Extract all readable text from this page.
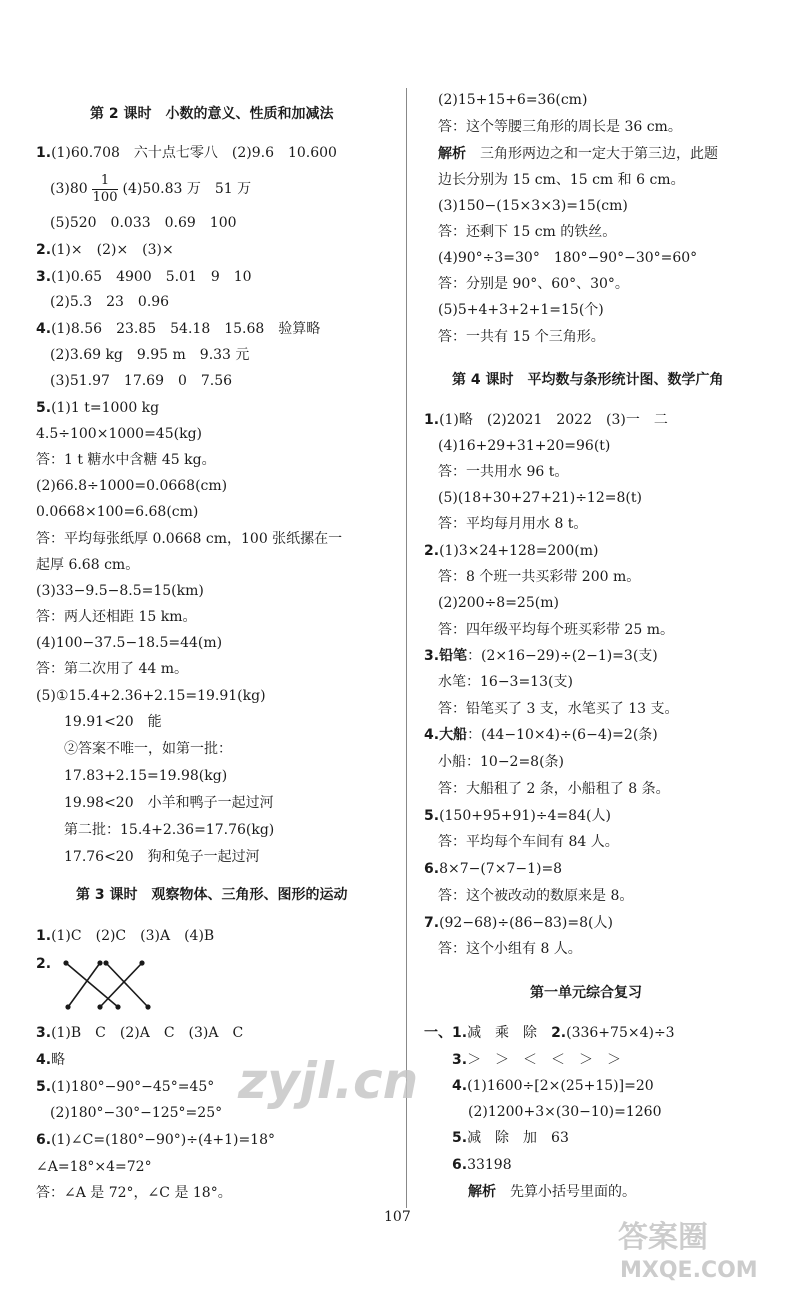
第 2 课时　小数的意义、性质和加减法
1.(1)60.708　六十点七零八　(2)9.6　10.600
$(3)80 \frac{1}{100} (4)50.83$ 万　51 万
(5)520　0.033　0.69　100
2.(1)×　(2)×　(3)×
3.(1)0.65　4900　5.01　9　10
(2)5.3　23　0.96
4.(1)8.56　23.85　54.18　15.68　验算略
(2)3.69 kg　9.95 m　9.33 元
(3)51.97　17.69　0　7.56
5.(1)1 t=1000 kg
4.5÷100×1000=45(kg)
答：1 t 糖水中含糖 45 kg。
(2)66.8÷1000=0.0668(cm)
0.0668×100=6.68(cm)
答：平均每张纸厚 0.0668 cm，100 张纸摞在一
起厚 6.68 cm。
(3)33−9.5−8.5=15(km)
答：两人还相距 15 km。
(4)100−37.5−18.5=44(m)
答：第二次用了 44 m。
(5)①15.4+2.36+2.15=19.91(kg)
19.91<20　能
②答案不唯一，如第一批：
17.83+2.15=19.98(kg)
19.98<20　小羊和鸭子一起过河
第二批：15.4+2.36=17.76(kg)
17.76<20　狗和兔子一起过河
第 3 课时　观察物体、三角形、图形的运动
1.(1)C　(2)C　(3)A　(4)B
2.
3.(1)B　C　(2)A　C　(3)A　C
4.略
5.(1)180°−90°−45°=45°
(2)180°−30°−125°=25°
6.(1)∠C=(180°−90°)÷(4+1)=18°
∠A=18°×4=72°
答：∠A 是 72°，∠C 是 18°。
(2)15+15+6=36(cm)
答：这个等腰三角形的周长是 36 cm。
解析　三角形两边之和一定大于第三边，此题
边长分别为 15 cm、15 cm 和 6 cm。
(3)150−(15×3×3)=15(cm)
答：还剩下 15 cm 的铁丝。
(4)90°÷3=30°　180°−90°−30°=60°
答：分别是 90°、60°、30°。
(5)5+4+3+2+1=15(个)
答：一共有 15 个三角形。
第 4 课时　平均数与条形统计图、数学广角
1.(1)略　(2)2021　2022　(3)一　二
(4)16+29+31+20=96(t)
答：一共用水 96 t。
(5)(18+30+27+21)÷12=8(t)
答：平均每月用水 8 t。
2.(1)3×24+128=200(m)
答：8 个班一共买彩带 200 m。
(2)200÷8=25(m)
答：四年级平均每个班买彩带 25 m。
3.铅笔：(2×16−29)÷(2−1)=3(支)
水笔：16−3=13(支)
答：铅笔买了 3 支，水笔买了 13 支。
4.大船：(44−10×4)÷(6−4)=2(条)
小船：10−2=8(条)
答：大船租了 2 条，小船租了 8 条。
5.(150+95+91)÷4=84(人)
答：平均每个车间有 84 人。
6.8×7−(7×7−1)=8
答：这个被改动的数原来是 8。
7.(92−68)÷(86−83)=8(人)
答：这个小组有 8 人。
第一单元综合复习
一、1.减　乘　除　2.(336+75×4)÷3
3.＞　＞　＜　＜　＞　＞
4.(1)1600÷[2×(25+15)]=20
(2)1200+3×(30−10)=1260
5.减　除　加　63
6.33198
解析　先算小括号里面的。
107
zyjl.cn
答案圈
MXQE.COM
